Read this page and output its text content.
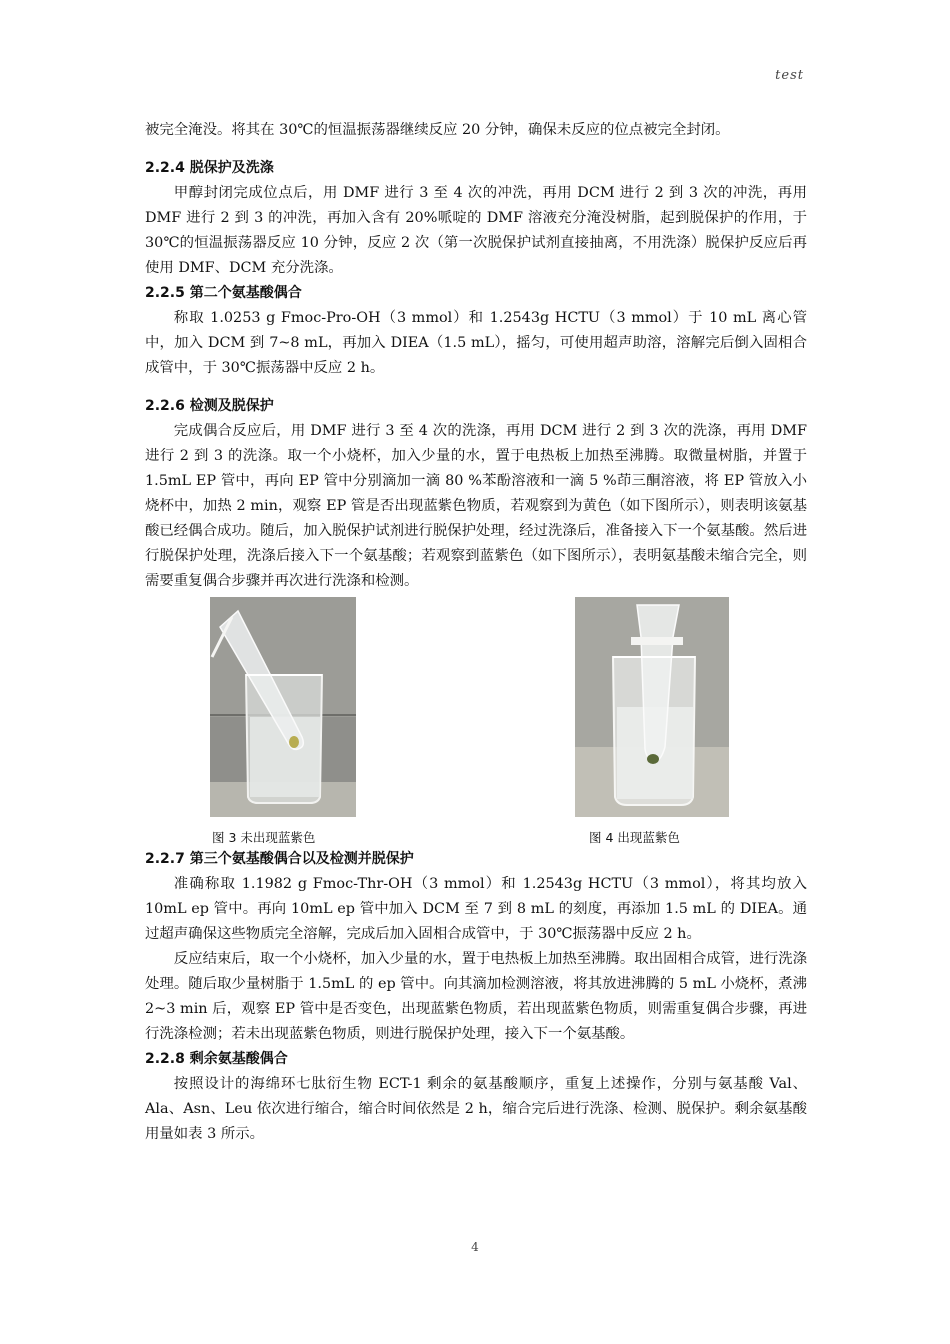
test

被完全淹没。将其在 30℃的恒温振荡器继续反应 20 分钟，确保未反应的位点被完全封闭。

2.2.4 脱保护及洗涤

甲醇封闭完成位点后，用 DMF 进行 3 至 4 次的冲洗，再用 DCM 进行 2 到 3 次的冲洗，再用 DMF 进行 2 到 3 的冲洗，再加入含有 20%哌啶的 DMF 溶液充分淹没树脂，起到脱保护的作用，于 30℃的恒温振荡器反应 10 分钟，反应 2 次（第一次脱保护试剂直接抽离，不用洗涤）脱保护反应后再使用 DMF、DCM 充分洗涤。

2.2.5 第二个氨基酸偶合

称取 1.0253 g Fmoc-Pro-OH（3 mmol）和 1.2543g HCTU（3 mmol）于 10 mL 离心管中，加入 DCM 到 7~8 mL，再加入 DIEA（1.5 mL），摇匀，可使用超声助溶，溶解完后倒入固相合成管中，于 30℃振荡器中反应 2 h。

2.2.6 检测及脱保护

完成偶合反应后，用 DMF 进行 3 至 4 次的洗涤，再用 DCM 进行 2 到 3 次的洗涤，再用 DMF 进行 2 到 3 的洗涤。取一个小烧杯，加入少量的水，置于电热板上加热至沸腾。取微量树脂，并置于 1.5mL EP 管中，再向 EP 管中分别滴加一滴 80 %苯酚溶液和一滴 5 %茚三酮溶液，将 EP 管放入小烧杯中，加热 2 min，观察 EP 管是否出现蓝紫色物质，若观察到为黄色（如下图所示），则表明该氨基酸已经偶合成功。随后，加入脱保护试剂进行脱保护处理，经过洗涤后，准备接入下一个氨基酸。然后进行脱保护处理，洗涤后接入下一个氨基酸；若观察到蓝紫色（如下图所示），表明氨基酸未缩合完全，则需要重复偶合步骤并再次进行洗涤和检测。

图 3 未出现蓝紫色	图 4 出现蓝紫色
2.2.7 第三个氨基酸偶合以及检测并脱保护

准确称取 1.1982 g Fmoc-Thr-OH（3 mmol）和 1.2543g HCTU（3 mmol），将其均放入 10mL ep 管中。再向 10mL ep 管中加入 DCM 至 7 到 8 mL 的刻度，再添加 1.5 mL 的 DIEA。通过超声确保这些物质完全溶解，完成后加入固相合成管中，于 30℃振荡器中反应 2 h。

反应结束后，取一个小烧杯，加入少量的水，置于电热板上加热至沸腾。取出固相合成管，进行洗涤处理。随后取少量树脂于 1.5mL 的 ep 管中。向其滴加检测溶液，将其放进沸腾的 5 mL 小烧杯，煮沸 2~3 min 后，观察 EP 管中是否变色，出现蓝紫色物质，若出现蓝紫色物质，则需重复偶合步骤，再进行洗涤检测；若未出现蓝紫色物质，则进行脱保护处理，接入下一个氨基酸。

2.2.8 剩余氨基酸偶合

按照设计的海绵环七肽衍生物 ECT-1 剩余的氨基酸顺序，重复上述操作，分别与氨基酸 Val、Ala、Asn、Leu 依次进行缩合，缩合时间依然是 2 h，缩合完后进行洗涤、检测、脱保护。剩余氨基酸用量如表 3 所示。

4
